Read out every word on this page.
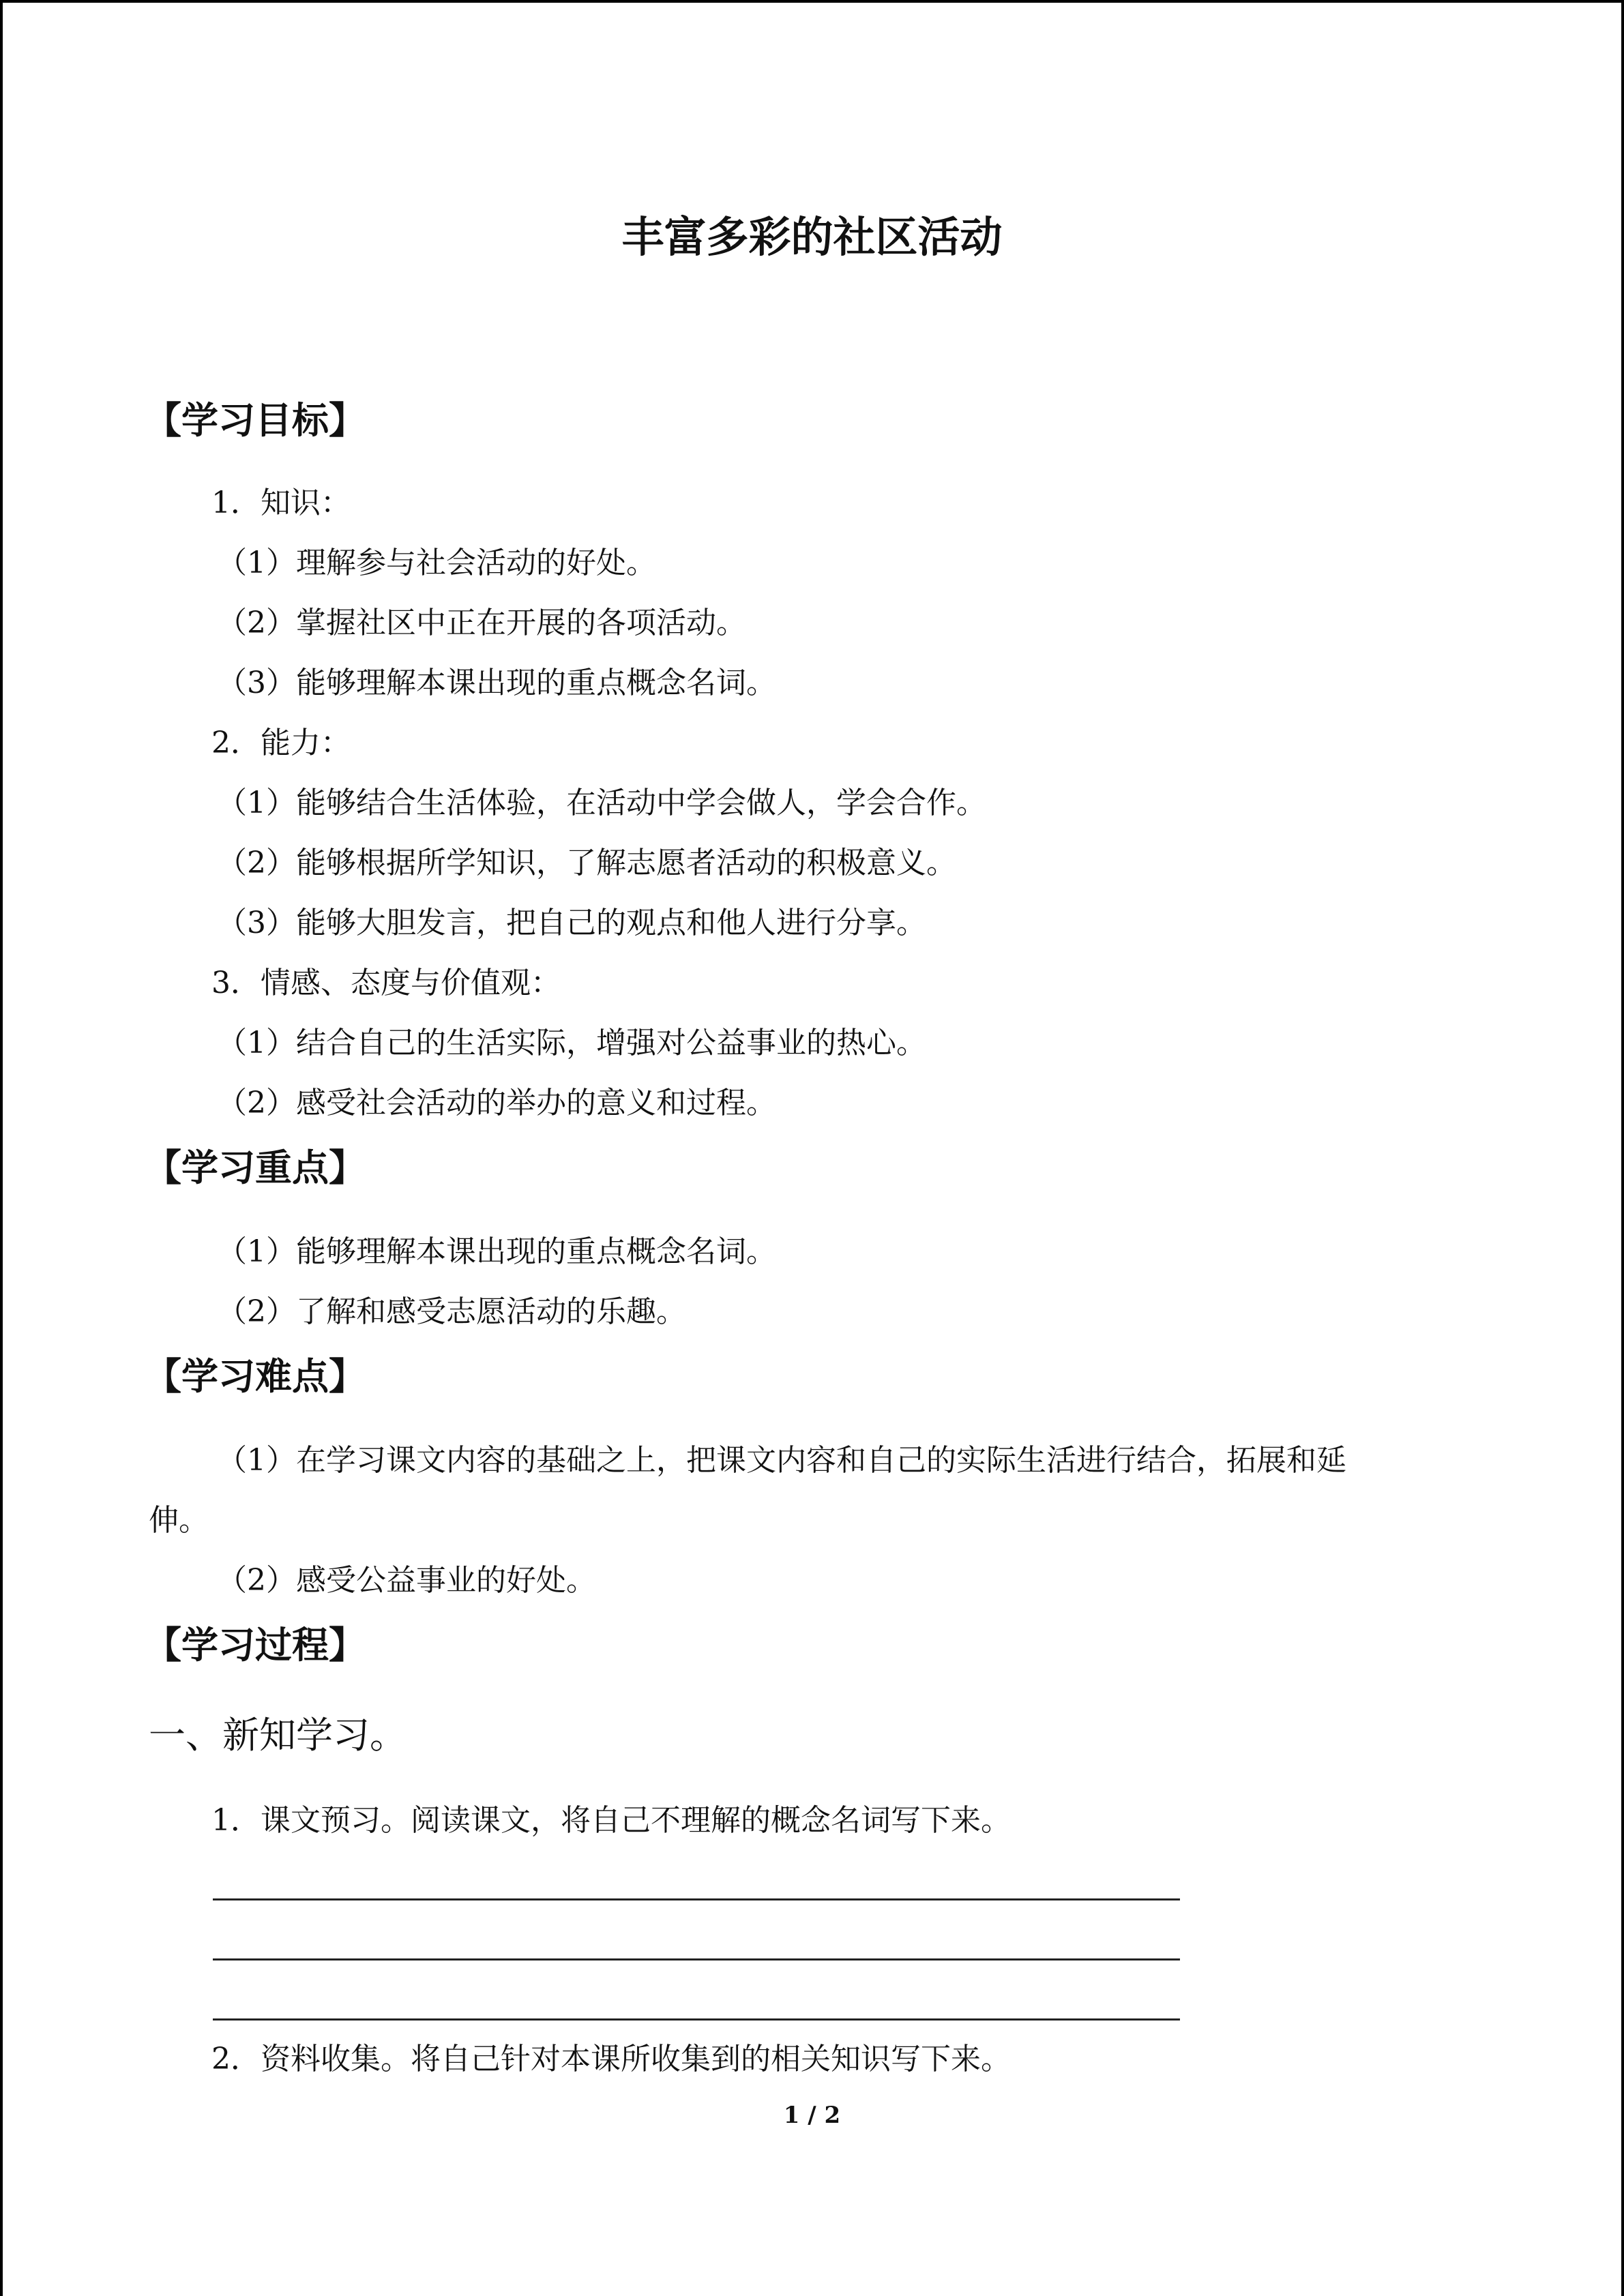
丰富多彩的社区活动
【学习目标】
1．知识：
（1）理解参与社会活动的好处。
（2）掌握社区中正在开展的各项活动。
（3）能够理解本课出现的重点概念名词。
2．能力：
（1）能够结合生活体验，在活动中学会做人，学会合作。
（2）能够根据所学知识，了解志愿者活动的积极意义。
（3）能够大胆发言，把自己的观点和他人进行分享。
3．情感、态度与价值观：
（1）结合自己的生活实际，增强对公益事业的热心。
（2）感受社会活动的举办的意义和过程。
【学习重点】
（1）能够理解本课出现的重点概念名词。
（2）了解和感受志愿活动的乐趣。
【学习难点】
（1）在学习课文内容的基础之上，把课文内容和自己的实际生活进行结合，拓展和延
伸。
（2）感受公益事业的好处。
【学习过程】
一、新知学习。
1．课文预习。阅读课文，将自己不理解的概念名词写下来。
2．资料收集。将自己针对本课所收集到的相关知识写下来。
1 / 2
